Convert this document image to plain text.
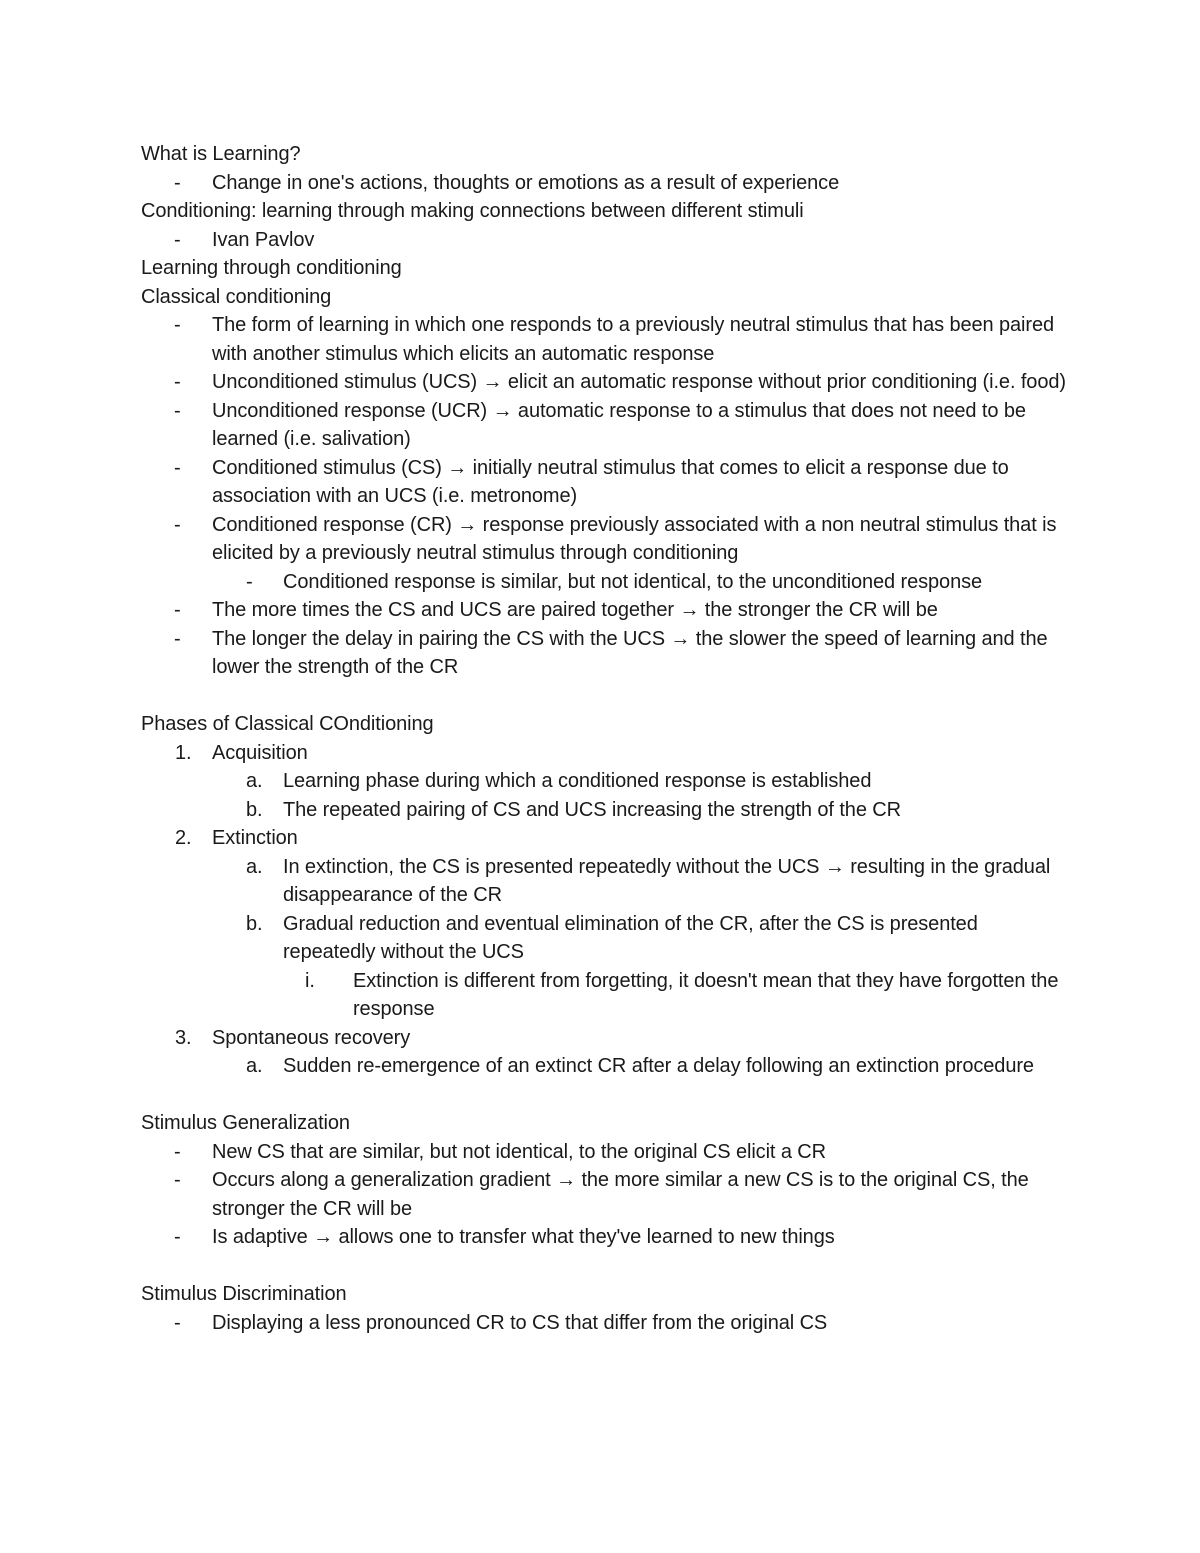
What is Learning?

- Change in one's actions, thoughts or emotions as a result of experience

Conditioning: learning through making connections between different stimuli

- Ivan Pavlov

Learning through conditioning

Classical conditioning

- The form of learning in which one responds to a previously neutral stimulus that has been paired with another stimulus which elicits an automatic response
- Unconditioned stimulus (UCS) → elicit an automatic response without prior conditioning (i.e. food)
- Unconditioned response (UCR) → automatic response to a stimulus that does not need to be learned (i.e. salivation)
- Conditioned stimulus (CS) → initially neutral stimulus that comes to elicit a response due to association with an UCS (i.e. metronome)
- Conditioned response (CR) → response previously associated with a non neutral stimulus that is elicited by a previously neutral stimulus through conditioning
- Conditioned response is similar, but not identical, to the unconditioned response
- The more times the CS and UCS are paired together → the stronger the CR will be
- The longer the delay in pairing the CS with the UCS → the slower the speed of learning and the lower the strength of the CR

Phases of Classical COnditioning

1. Acquisition
a. Learning phase during which a conditioned response is established
b. The repeated pairing of CS and UCS increasing the strength of the CR
2. Extinction
a. In extinction, the CS is presented repeatedly without the UCS → resulting in the gradual disappearance of the CR
b. Gradual reduction and eventual elimination of the CR, after the CS is presented repeatedly without the UCS
i. Extinction is different from forgetting, it doesn't mean that they have forgotten the response
3. Spontaneous recovery
a. Sudden re-emergence of an extinct CR after a delay following an extinction procedure

Stimulus Generalization

- New CS that are similar, but not identical, to the original CS elicit a CR
- Occurs along a generalization gradient → the more similar a new CS is to the original CS, the stronger the CR will be
- Is adaptive → allows one to transfer what they've learned to new things

Stimulus Discrimination

- Displaying a less pronounced CR to CS that differ from the original CS
